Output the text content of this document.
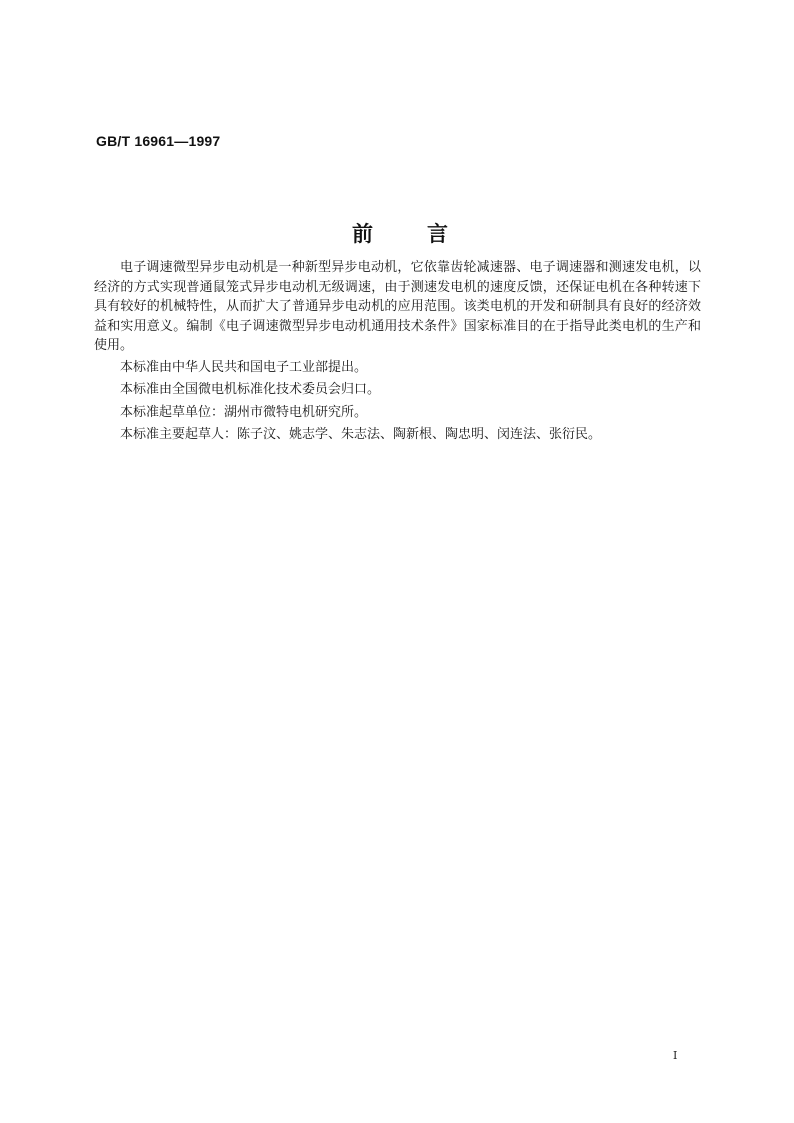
GB/T 16961—1997
前言

电子调速微型异步电动机是一种新型异步电动机，它依靠齿轮减速器、电子调速器和测速发电机，以经济的方式实现普通鼠笼式异步电动机无级调速，由于测速发电机的速度反馈，还保证电机在各种转速下具有较好的机械特性，从而扩大了普通异步电动机的应用范围。该类电机的开发和研制具有良好的经济效益和实用意义。编制《电子调速微型异步电动机通用技术条件》国家标准目的在于指导此类电机的生产和使用。

本标准由中华人民共和国电子工业部提出。

本标准由全国微电机标准化技术委员会归口。

本标准起草单位：湖州市微特电机研究所。

本标准主要起草人：陈子汶、姚志学、朱志法、陶新根、陶忠明、闵连法、张衍民。

I
